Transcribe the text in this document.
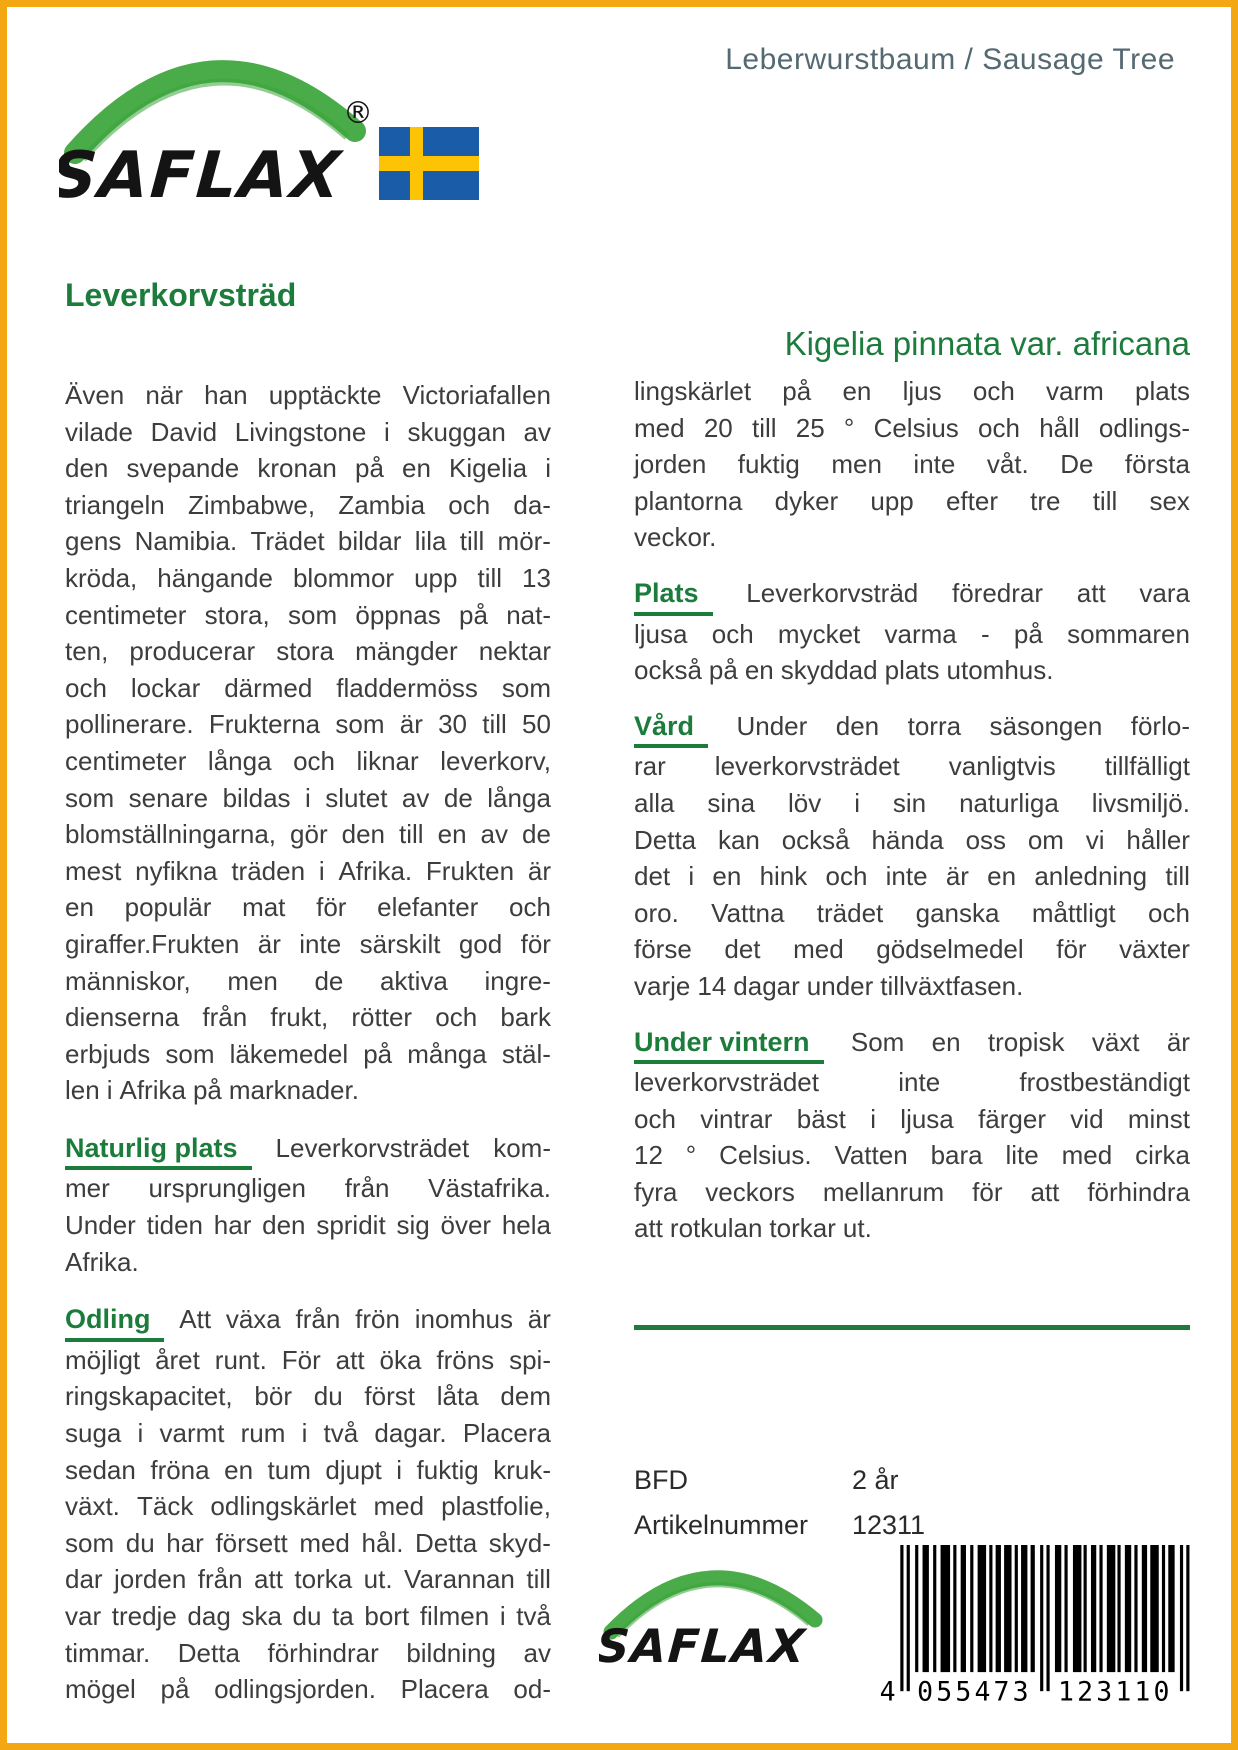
SAFLAX
®
Leberwurstbaum / Sausage Tree
Leverkorvsträd
Även när han upptäckte Victoriafallen
vilade David Livingstone i skuggan av
den svepande kronan på en Kigelia i
triangeln Zimbabwe, Zambia och da-
gens Namibia. Trädet bildar lila till mör-
kröda, hängande blommor upp till 13
centimeter stora, som öppnas på nat-
ten, producerar stora mängder nektar
och lockar därmed fladdermöss som
pollinerare. Frukterna som är 30 till 50
centimeter långa och liknar leverkorv,
som senare bildas i slutet av de långa
blomställningarna, gör den till en av de
mest nyfikna träden i Afrika. Frukten är
en populär mat för elefanter och
giraffer.Frukten är inte särskilt god för
människor, men de aktiva ingre-
dienserna från frukt, rötter och bark
erbjuds som läkemedel på många stäl-
len i Afrika på marknader.
Naturlig plats	Leverkorvsträdet kom-
mer ursprungligen från Västafrika.
Under tiden har den spridit sig över hela
Afrika.
Odling	Att växa från frön inomhus är
möjligt året runt. För att öka fröns spi-
ringskapacitet, bör du först låta dem
suga i varmt rum i två dagar. Placera
sedan fröna en tum djupt i fuktig kruk-
växt. Täck odlingskärlet med plastfolie,
som du har försett med hål. Detta skyd-
dar jorden från att torka ut. Varannan till
var tredje dag ska du ta bort filmen i två
timmar. Detta förhindrar bildning av
mögel på odlingsjorden. Placera od-
Kigelia pinnata var. africana
lingskärlet på en ljus och varm plats
med 20 till 25 ° Celsius och håll odlings-
jorden fuktig men inte våt. De första
plantorna dyker upp efter tre till sex
veckor.
Plats	Leverkorvsträd föredrar att vara
ljusa och mycket varma - på sommaren
också på en skyddad plats utomhus.
Vård	Under den torra säsongen förlo-
rar leverkorvsträdet vanligtvis tillfälligt
alla sina löv i sin naturliga livsmiljö.
Detta kan också hända oss om vi håller
det i en hink och inte är en anledning till
oro. Vattna trädet ganska måttligt och
förse det med gödselmedel för växter
varje 14 dagar under tillväxtfasen.
Under vintern	Som en tropisk växt är
leverkorvsträdet	inte	frostbeständigt
och vintrar bäst i ljusa färger vid minst
12 ° Celsius. Vatten bara lite med cirka
fyra veckors mellanrum för att förhindra
att rotkulan torkar ut.
BFD	2 år
Artikelnummer	12311
SAFLAX
4 055473 123110
